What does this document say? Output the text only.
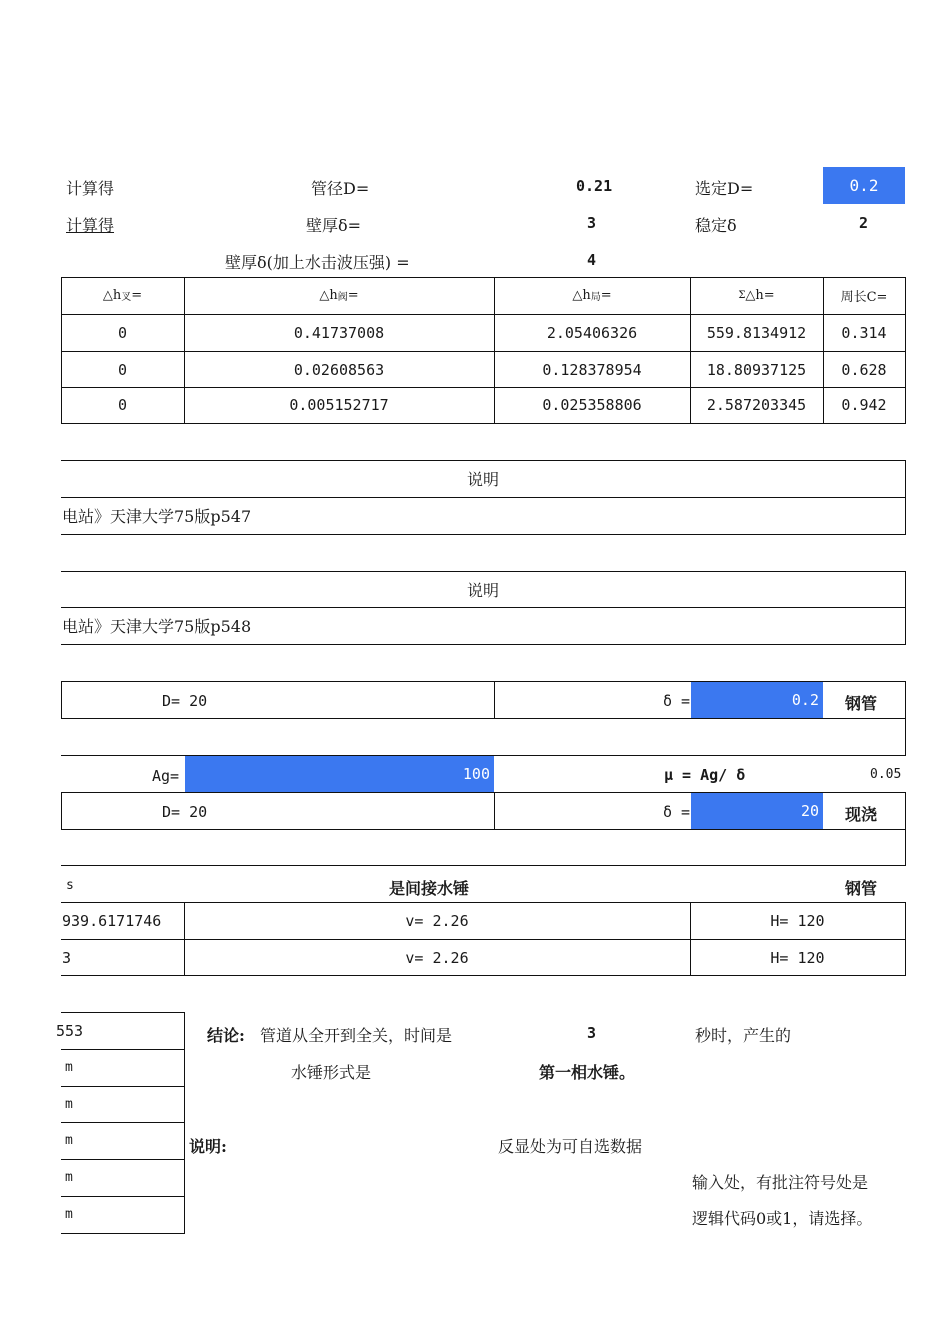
计算得	管径D=	0.21	选定D=	0.2
计算得	壁厚δ=	3	稳定δ	2
壁厚δ(加上水击波压强) =	4
△h 叉 =	△h 阀 =	△h 局 =	Σ △h=	周长C=
0	0.41737008	2.05406326	559.8134912	0.314
0	0.02608563	0.128378954	18.80937125	0.628
0	0.005152717	0.025358806	2.587203345	0.942
说明
电站》天津大学75版p547
说明
电站》天津大学75版p548
D= 20	δ =	0.2 钢管
Ag=	100	μ = Ag/ δ	0.05
D= 20	δ =	20 现浇
s	是间接水锤	钢管
939.6171746	v= 2.26	H= 120
3	v= 2.26	H= 120
553
m
m
m
m
m
结论: 管道从全开到全关，时间是	3	秒时，产生的
水锤形式是	第一相水锤。
说明:	反显处为可自选数据
输入处，有批注符号处是
逻辑代码0或1，请选择。
